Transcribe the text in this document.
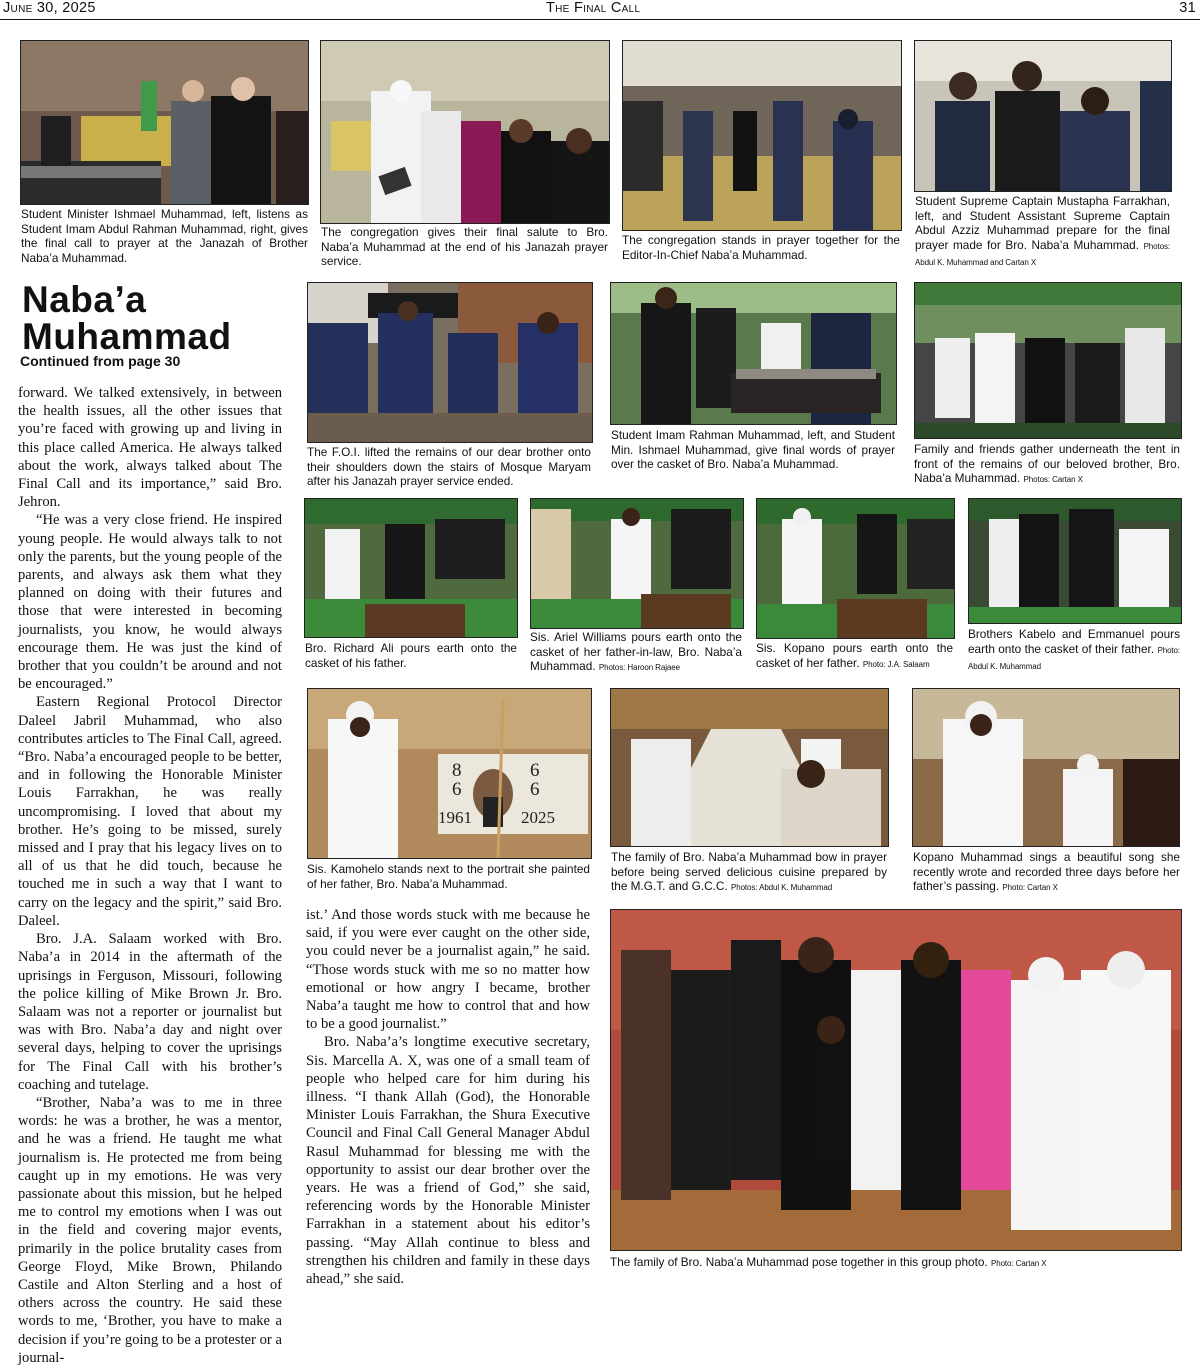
June 30, 2025	The Final Call	31
Student Minister Ishmael Muhammad, left, listens as Student Imam Abdul Rahman Muhammad, right, gives the final call to prayer at the Janazah of Brother Naba’a Muhammad.
The congregation gives their final salute to Bro. Naba’a Muhammad at the end of his Janazah prayer service.
The congregation stands in prayer together for the Editor-In-Chief Naba’a Muhammad.
Student Supreme Captain Mustapha Farrakhan, left, and Student Assistant Supreme Captain Abdul Azziz Muhammad prepare for the final prayer made for Bro. Naba’a Muhammad. Photos: Abdul K. Muhammad and Cartan X
Naba’a
Muhammad
Continued from page 30
The F.O.I. lifted the remains of our dear brother onto their shoulders down the stairs of Mosque Maryam after his Janazah prayer service ended.
Student Imam Rahman Muhammad, left, and Student Min. Ishmael Muhammad, give final words of prayer over the casket of Bro. Naba’a Muhammad.
Family and friends gather underneath the tent in front of the remains of our beloved brother, Bro. Naba’a Muhammad. Photos: Cartan X
Bro. Richard Ali pours earth onto the casket of his father.
Sis. Ariel Williams pours earth onto the casket of her father-in-law, Bro. Naba’a Muhammad. Photos: Haroon Rajaee
Sis. Kopano pours earth onto the casket of her father. Photo: J.A. Salaam
Brothers Kabelo and Emmanuel pours earth onto the casket of their father. Photo: Abdul K. Muhammad
8
6
6
6
1961	2025
Sis. Kamohelo stands next to the portrait she painted of her father, Bro. Naba’a Muhammad.
The family of Bro. Naba’a Muhammad bow in prayer before being served delicious cuisine prepared by the M.G.T. and G.C.C. Photos: Abdul K. Muhammad
Kopano Muhammad sings a beautiful song she recently wrote and recorded three days before her father’s passing. Photo: Cartan X
The family of Bro. Naba’a Muhammad pose together in this group photo. Photo: Cartan X

forward. We talked extensively, in between the health issues, all the other issues that you’re faced with growing up and living in this place called America. He always talked about the work, always talked about The Final Call and its importance,” said Bro. Jehron.

“He was a very close friend. He inspired young people. He would always talk to not only the parents, but the young people of the parents, and always ask them what they planned on doing with their futures and those that were interested in becoming journalists, you know, he would always encourage them. He was just the kind of brother that you couldn’t be around and not be encouraged.”

Eastern Regional Protocol Director Daleel Jabril Muhammad, who also contributes articles to The Final Call, agreed. “Bro. Naba’a encouraged people to be better, and in following the Honorable Minister Louis Farrakhan, he was really uncompromising. I loved that about my brother. He’s going to be missed, surely missed and I pray that his legacy lives on to all of us that he did touch, because he touched me in such a way that I want to carry on the legacy and the spirit,” said Bro. Daleel.

Bro. J.A. Salaam worked with Bro. Naba’a in 2014 in the aftermath of the uprisings in Ferguson, Missouri, following the police killing of Mike Brown Jr. Bro. Salaam was not a reporter or journalist but was with Bro. Naba’a day and night over several days, helping to cover the uprisings for The Final Call with his brother’s coaching and tutelage.

“Brother, Naba’a was to me in three words: he was a brother, he was a mentor, and he was a friend. He taught me what journalism is. He protected me from being caught up in my emotions. He was very passionate about this mission, but he helped me to control my emotions when I was out in the field and covering major events, primarily in the police brutality cases from George Floyd, Mike Brown, Philando Castile and Alton Sterling and a host of others across the country. He said these words to me, ‘Brother, you have to make a decision if you’re going to be a protester or a journal-

ist.’ And those words stuck with me because he said, if you were ever caught on the other side, you could never be a journalist again,” he said. “Those words stuck with me so no matter how emotional or how angry I became, brother Naba’a taught me how to control that and how to be a good journalist.”

Bro. Naba’a’s longtime executive secretary, Sis. Marcella A. X, was one of a small team of people who helped care for him during his illness. “I thank Allah (God), the Honorable Minister Louis Farrakhan, the Shura Executive Council and Final Call General Manager Abdul Rasul Muhammad for blessing me with the opportunity to assist our dear brother over the years. He was a friend of God,” she said, referencing words by the Honorable Minister Farrakhan in a statement about his editor’s passing. “May Allah continue to bless and strengthen his children and family in these days ahead,” she said.
